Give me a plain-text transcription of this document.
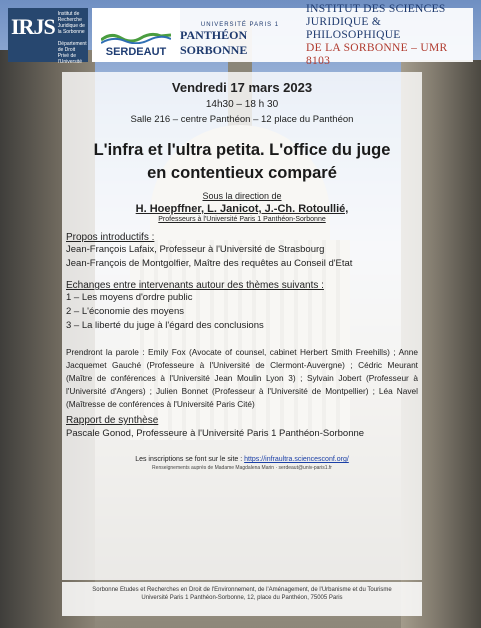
IRJS Institut de
Recherche
Juridique de
la Sorbonne
Département de Droit Privé de l'Université
SERDEAUT
UNIVERSITÉ PARIS 1
PANTHÉON SORBONNE
INSTITUT DES SCIENCES
JURIDIQUE & PHILOSOPHIQUE
DE LA SORBONNE – UMR 8103
Vendredi 17 mars 2023
14h30 – 18 h 30
Salle 216 – centre Panthéon – 12 place du Panthéon
L'infra et l'ultra petita. L'office du juge
en contentieux comparé
Sous la direction de
H. Hoepffner, L. Janicot, J.-Ch. Rotoullié,
Professeurs à l'Université Paris 1 Panthéon-Sorbonne
Propos introductifs :
Jean-François Lafaix, Professeur à l'Université de Strasbourg
Jean-François de Montgolfier, Maître des requêtes au Conseil d'Etat
Echanges entre intervenants autour des thèmes suivants :
1 – Les moyens d'ordre public
2 – L'économie des moyens
3 – La liberté du juge à l'égard des conclusions
Prendront la parole : Emily Fox (Avocate of counsel, cabinet Herbert Smith Freehills) ; Anne Jacquemet Gauché (Professeure à l'Université de Clermont-Auvergne) ; Cédric Meurant (Maître de conférences à l'Université Jean Moulin Lyon 3) ; Sylvain Jobert (Professeur à l'Université d'Angers) ; Julien Bonnet (Professeur à l'Université de Montpellier) ; Léa Navel (Maîtresse de conférences à l'Université Paris Cité)
Rapport de synthèse
Pascale Gonod, Professeure à l'Université Paris 1 Panthéon-Sorbonne
Les inscriptions se font sur le site : https://infraultra.sciencesconf.org/
Renseignements auprès de Madame Magdalena Marin · serdeaut@univ-paris1.fr
Sorbonne Etudes et Recherches en Droit de l'Environnement, de l'Aménagement, de l'Urbanisme et du Tourisme
Université Paris 1 Panthéon-Sorbonne, 12, place du Panthéon, 75005 Paris
